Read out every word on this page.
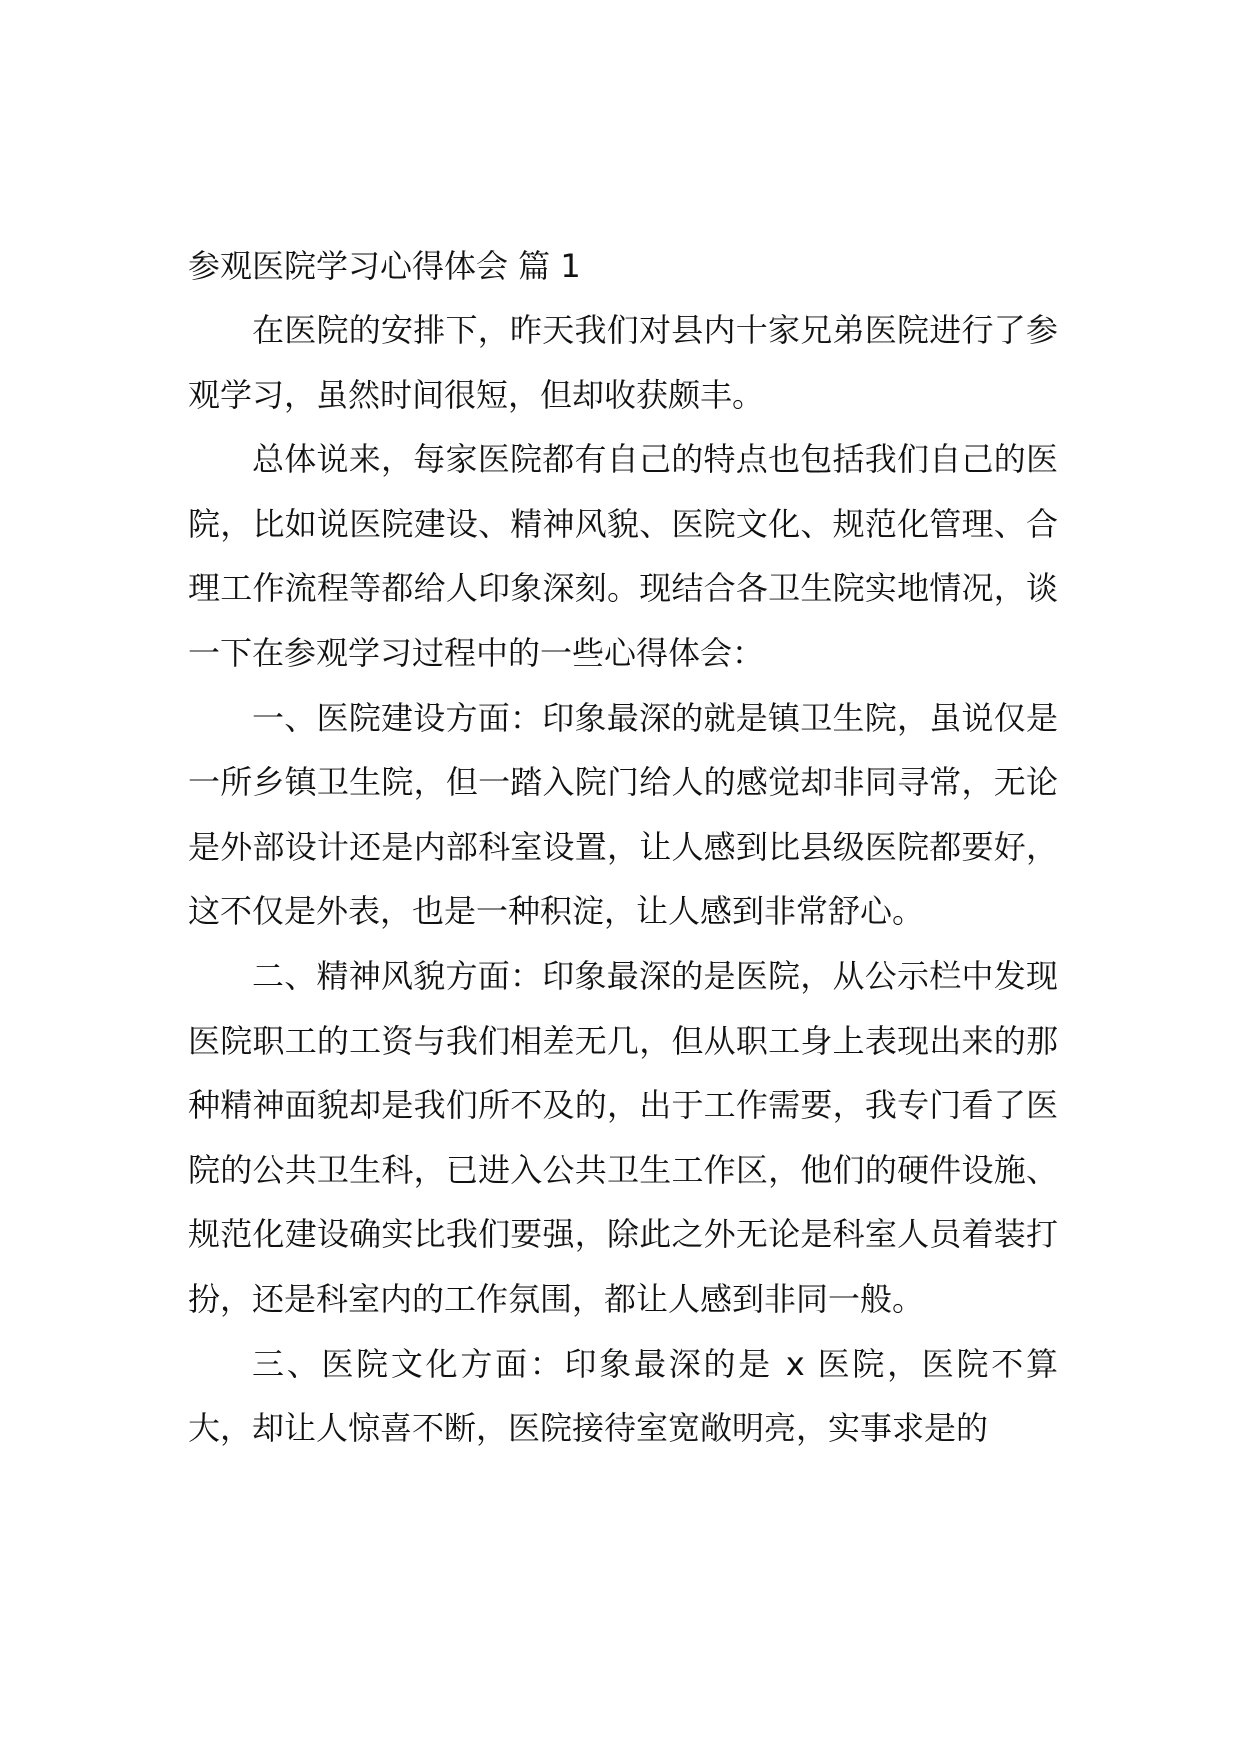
参观医院学习心得体会 篇 1

在医院的安排下，昨天我们对县内十家兄弟医院进行了参观学习，虽然时间很短，但却收获颇丰。

总体说来，每家医院都有自己的特点也包括我们自己的医院，比如说医院建设、精神风貌、医院文化、规范化管理、合理工作流程等都给人印象深刻。现结合各卫生院实地情况，谈一下在参观学习过程中的一些心得体会：

一、医院建设方面：印象最深的就是镇卫生院，虽说仅是一所乡镇卫生院，但一踏入院门给人的感觉却非同寻常，无论是外部设计还是内部科室设置，让人感到比县级医院都要好，这不仅是外表，也是一种积淀，让人感到非常舒心。

二、精神风貌方面：印象最深的是医院，从公示栏中发现医院职工的工资与我们相差无几，但从职工身上表现出来的那种精神面貌却是我们所不及的，出于工作需要，我专门看了医院的公共卫生科，已进入公共卫生工作区，他们的硬件设施、规范化建设确实比我们要强，除此之外无论是科室人员着装打扮，还是科室内的工作氛围，都让人感到非同一般。

三、医院文化方面：印象最深的是 x 医院，医院不算大，却让人惊喜不断，医院接待室宽敞明亮，实事求是的
